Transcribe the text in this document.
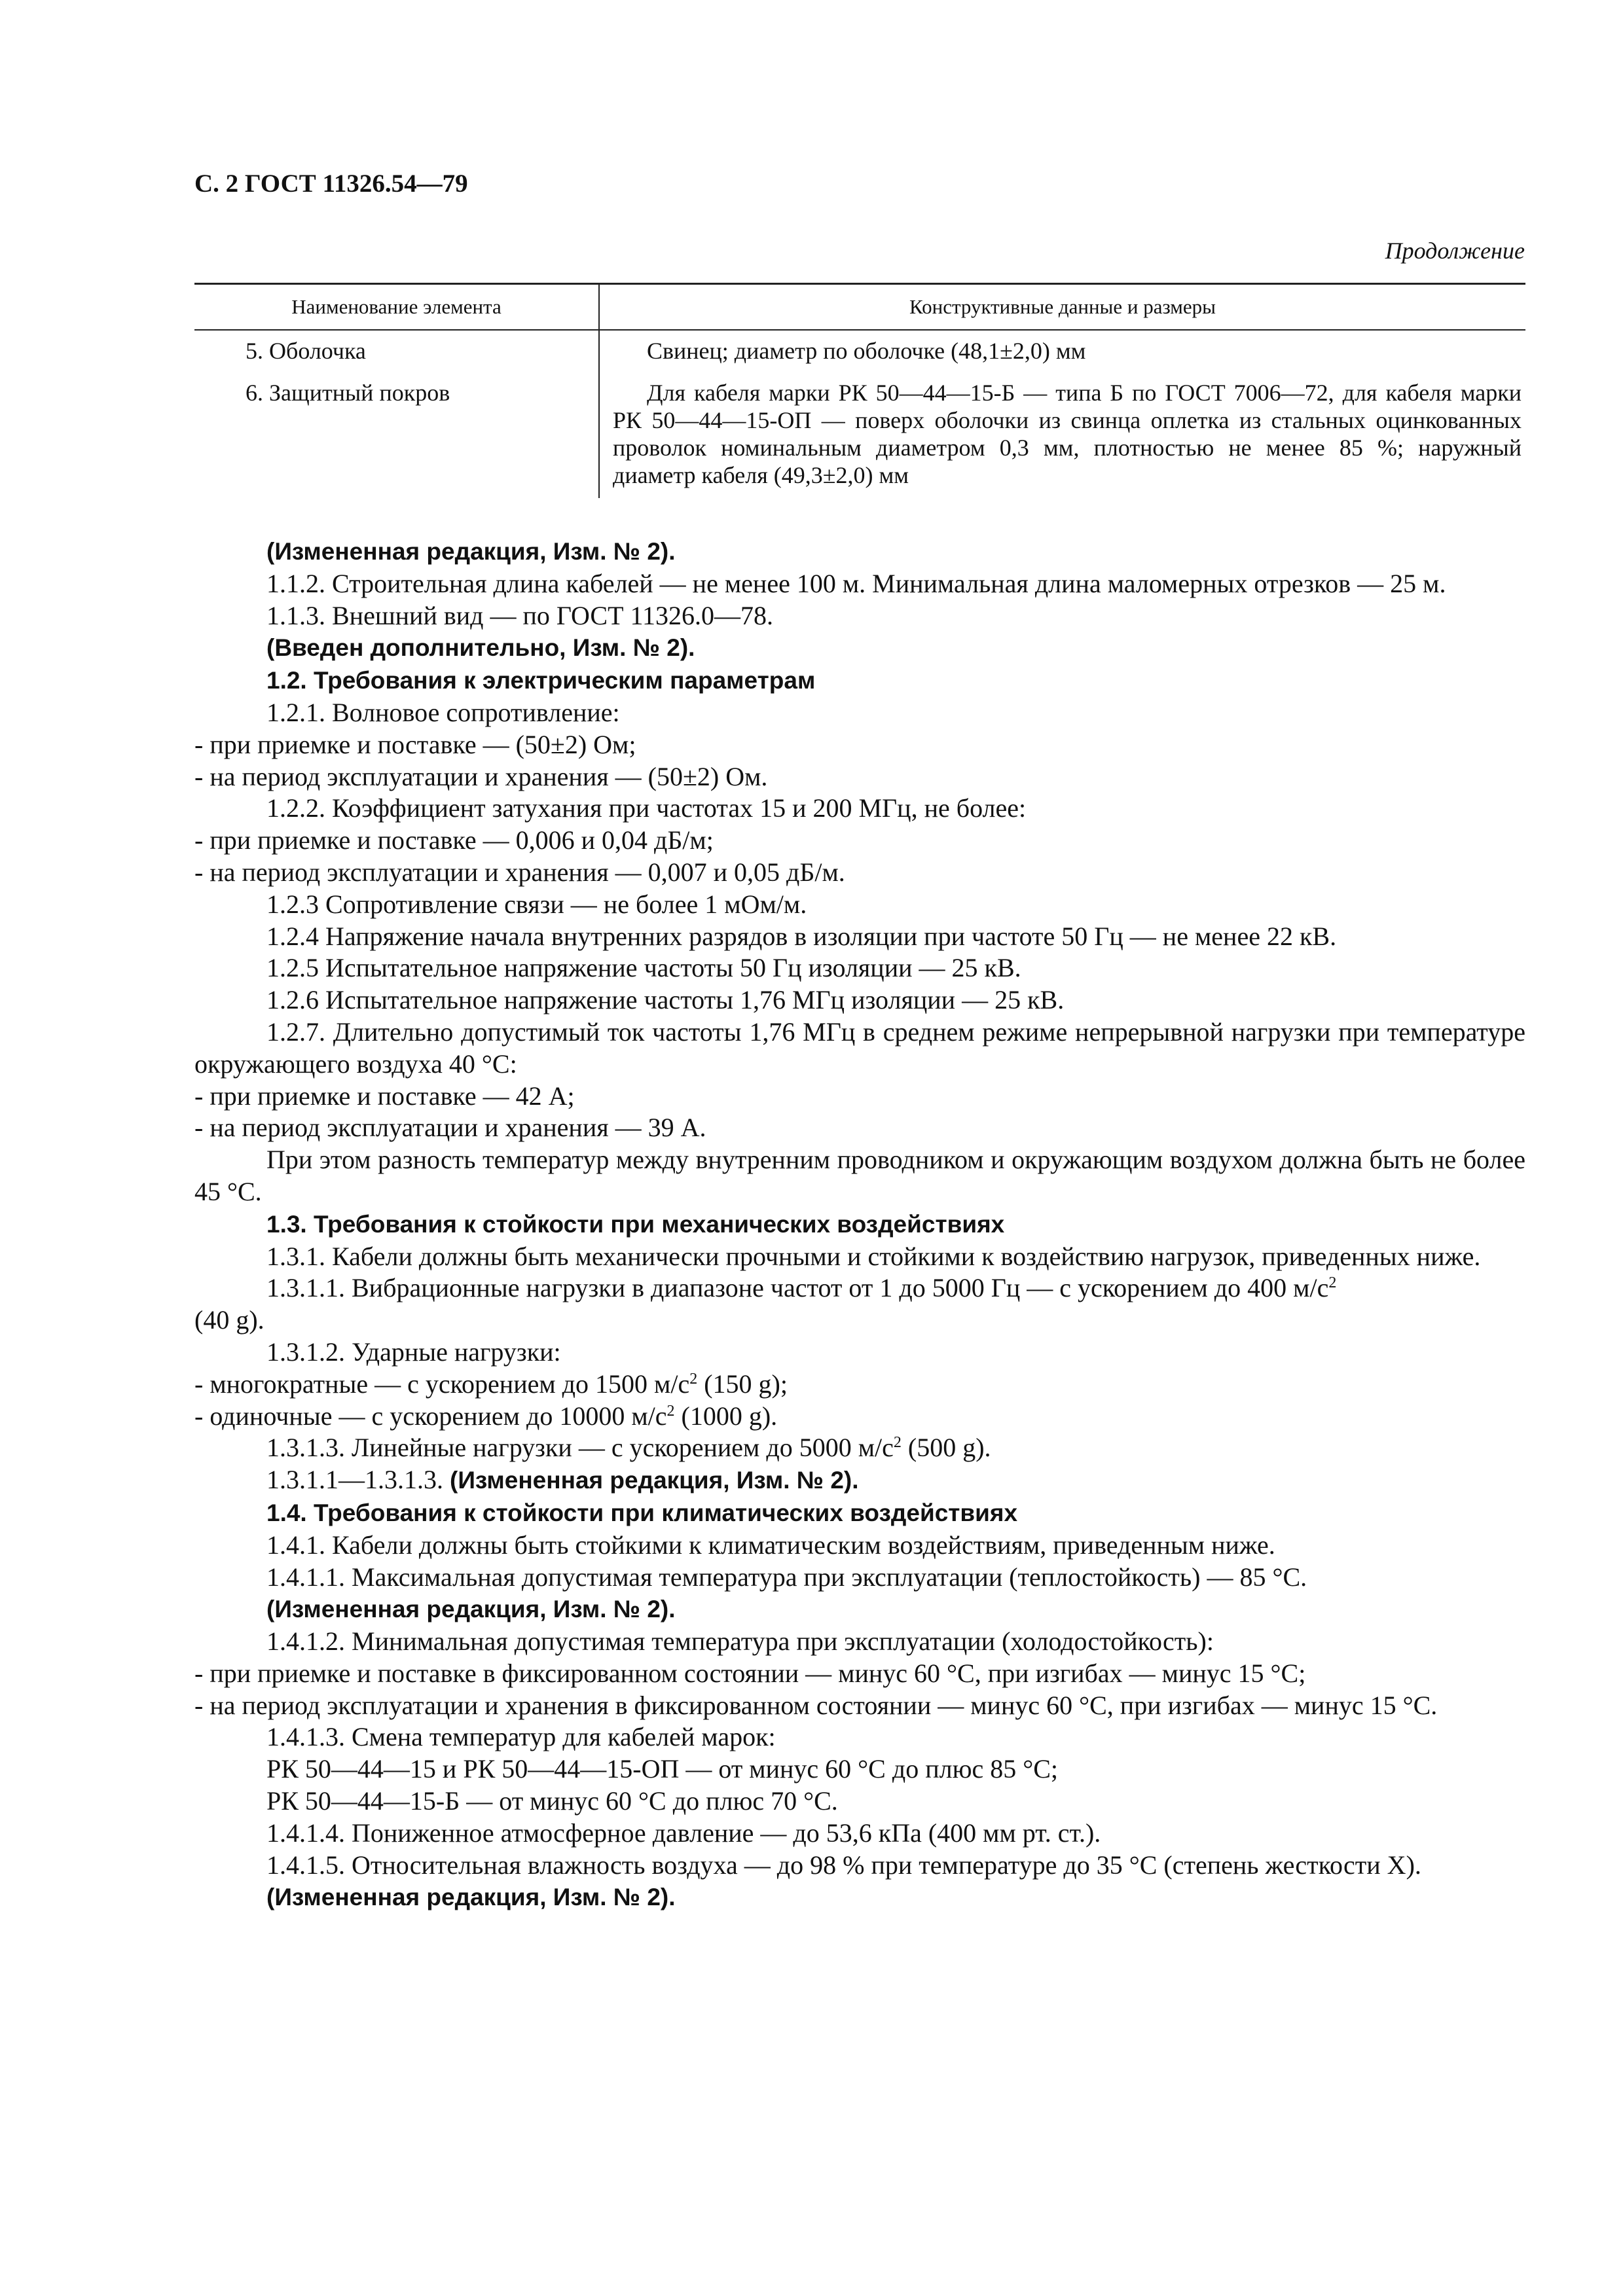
С. 2 ГОСТ 11326.54—79
Продолжение
Наименование элемента	Конструктивные данные и размеры
5. Оболочка	Свинец; диаметр по оболочке (48,1±2,0) мм
6. Защитный покров	Для кабеля марки РК 50—44—15-Б — типа Б по ГОСТ 7006—72, для кабеля марки РК 50—44—15-ОП — поверх оболочки из свинца оплетка из стальных оцинкованных проволок номинальным диаметром 0,3 мм, плотностью не менее 85 %; наружный диаметр кабеля (49,3±2,0) мм

(Измененная редакция, Изм. № 2).

1.1.2. Строительная длина кабелей — не менее 100 м. Минимальная длина маломерных отрезков — 25 м.

1.1.3. Внешний вид — по ГОСТ 11326.0—78.

(Введен дополнительно, Изм. № 2).

1.2. Требования к электрическим параметрам

1.2.1. Волновое сопротивление:

- при приемке и поставке — (50±2) Ом;

- на период эксплуатации и хранения — (50±2) Ом.

1.2.2. Коэффициент затухания при частотах 15 и 200 МГц, не более:

- при приемке и поставке — 0,006 и 0,04 дБ/м;

- на период эксплуатации и хранения — 0,007 и 0,05 дБ/м.

1.2.3 Сопротивление связи — не более 1 мОм/м.

1.2.4 Напряжение начала внутренних разрядов в изоляции при частоте 50 Гц — не менее 22 кВ.

1.2.5 Испытательное напряжение частоты 50 Гц изоляции — 25 кВ.

1.2.6 Испытательное напряжение частоты 1,76 МГц изоляции — 25 кВ.

1.2.7. Длительно допустимый ток частоты 1,76 МГц в среднем режиме непрерывной нагрузки при температуре окружающего воздуха 40 °С:

- при приемке и поставке — 42 А;

- на период эксплуатации и хранения — 39 А.

При этом разность температур между внутренним проводником и окружающим воздухом должна быть не более 45 °С.

1.3. Требования к стойкости при механических воздействиях

1.3.1. Кабели должны быть механически прочными и стойкими к воздействию нагрузок, приведенных ниже.

1.3.1.1. Вибрационные нагрузки в диапазоне частот от 1 до 5000 Гц — с ускорением до 400 $м/с^2$

(40 g).

1.3.1.2. Ударные нагрузки:

- многократные — с ускорением до 1500 $м/с^2$ (150 g);

- одиночные — с ускорением до 10000 $м/с^2$ (1000 g).

1.3.1.3. Линейные нагрузки — с ускорением до 5000 $м/с^2$ (500 g).

1.3.1.1—1.3.1.3. (Измененная редакция, Изм. № 2).

1.4. Требования к стойкости при климатических воздействиях

1.4.1. Кабели должны быть стойкими к климатическим воздействиям, приведенным ниже.

1.4.1.1. Максимальная допустимая температура при эксплуатации (теплостойкость) — 85 °С.

(Измененная редакция, Изм. № 2).

1.4.1.2. Минимальная допустимая температура при эксплуатации (холодостойкость):

- при приемке и поставке в фиксированном состоянии — минус 60 °С, при изгибах — минус 15 °С;

- на период эксплуатации и хранения в фиксированном состоянии — минус 60 °С, при изгибах — минус 15 °С.

1.4.1.3. Смена температур для кабелей марок:

РК 50—44—15 и РК 50—44—15-ОП — от минус 60 °С до плюс 85 °С;

РК 50—44—15-Б — от минус 60 °С до плюс 70 °С.

1.4.1.4. Пониженное атмосферное давление — до 53,6 кПа (400 мм рт. ст.).

1.4.1.5. Относительная влажность воздуха — до 98 % при температуре до 35 °С (степень жесткости X).

(Измененная редакция, Изм. № 2).
